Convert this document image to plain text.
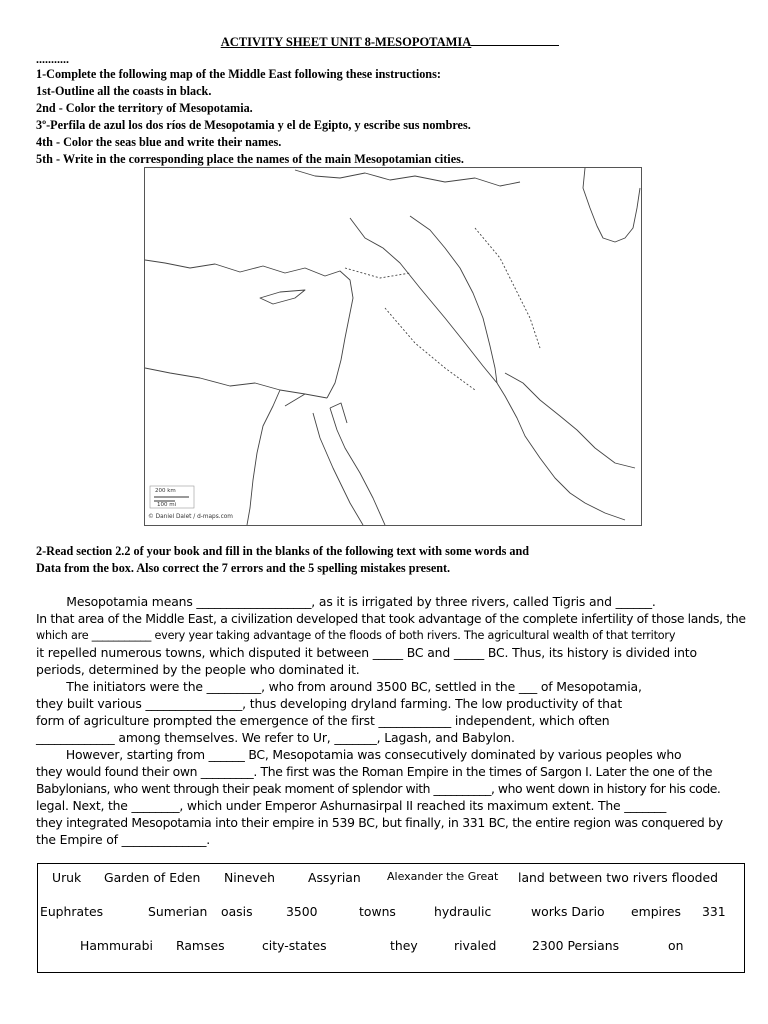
ACTIVITY SHEET UNIT 8-MESOPOTAMIA
...........
1-Complete the following map of the Middle East following these instructions:
1st-Outline all the coasts in black.
2nd - Color the territory of Mesopotamia.
3º-Perfila de azul los dos ríos de Mesopotamia y el de Egipto, y escribe sus nombres.
4th - Color the seas blue and write their names.
5th - Write in the corresponding place the names of the main Mesopotamian cities.
200 km
100 mi
© Daniel Dalet / d-maps.com
2-Read section 2.2 of your book and fill in the blanks of the following text with some words and
Data from the box. Also correct the 7 errors and the 5 spelling mistakes present.
Mesopotamia means ___________________, as it is irrigated by three rivers, called Tigris and ______.
In that area of the Middle East, a civilization developed that took advantage of the complete infertility of those lands, the
which are ___________ every year taking advantage of the floods of both rivers. The agricultural wealth of that territory
it repelled numerous towns, which disputed it between _____ BC and _____ BC. Thus, its history is divided into
periods, determined by the people who dominated it.
The initiators were the _________, who from around 3500 BC, settled in the ___ of Mesopotamia,
they built various ________________, thus developing dryland farming. The low productivity of that
form of agriculture prompted the emergence of the first ____________ independent, which often
_____________ among themselves. We refer to Ur, _______, Lagash, and Babylon.
However, starting from ______ BC, Mesopotamia was consecutively dominated by various peoples who
they would found their own _________. The first was the Roman Empire in the times of Sargon I. Later the one of the
Babylonians, who went through their peak moment of splendor with __________, who went down in history for his code.
legal. Next, the ________, which under Emperor Ashurnasirpal II reached its maximum extent. The _______
they integrated Mesopotamia into their empire in 539 BC, but finally, in 331 BC, the entire region was conquered by
the Empire of ______________.
Uruk Garden of Eden Nineveh	Assyrian Alexander the Great land between two rivers flooded
Euphrates	Sumerian oasis	3500	towns	hydraulic	works Dario empires 331
Hammurabi Ramses	city-states	they	rivaled	2300 Persians	on
